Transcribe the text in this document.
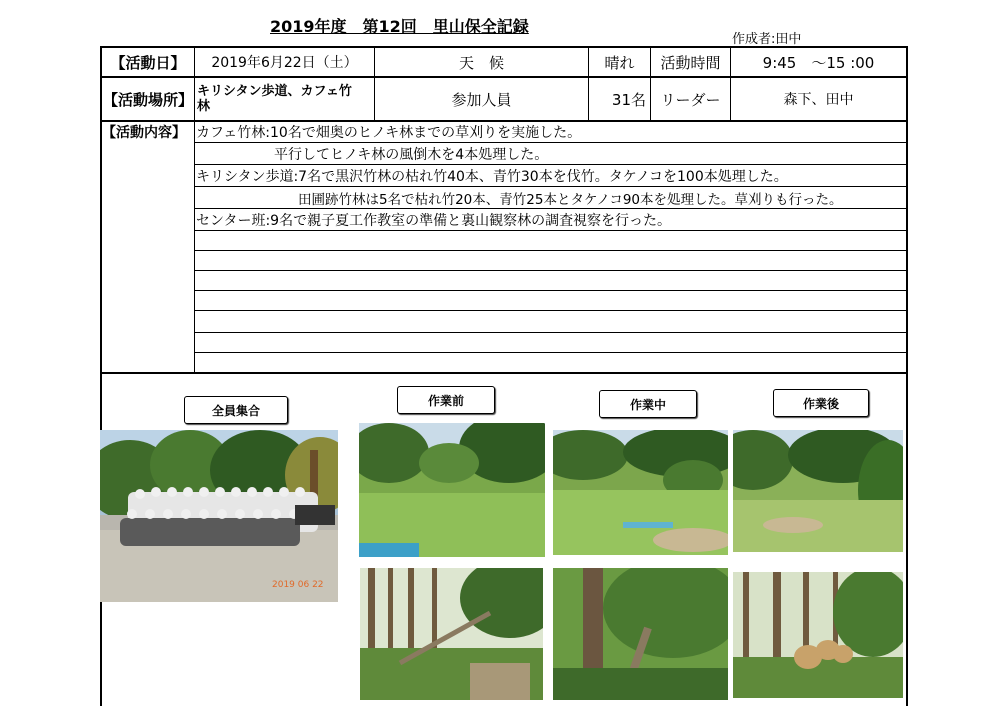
2019年度　第12回　里山保全記録
作成者:田中
【活動日】	2019年6月22日（土）	天　候	晴れ	活動時間	9:45　～15 :00
【活動場所】 キリシタン歩道、カフェ竹
林	参加人員	31名 リーダー	森下、田中
【活動内容】 カフェ竹林:10名で畑奥のヒノキ林までの草刈りを実施した。
平行してヒノキ林の風倒木を4本処理した。
キリシタン歩道:7名で黒沢竹林の枯れ竹40本、青竹30本を伐竹。タケノコを100本処理した。
田圃跡竹林は5名で枯れ竹20本、青竹25本とタケノコ90本を処理した。草刈りも行った。
センター班:9名で親子夏工作教室の準備と裏山観察林の調査視察を行った。
全員集合
作業前	作業中	作業後
2019 06 22
